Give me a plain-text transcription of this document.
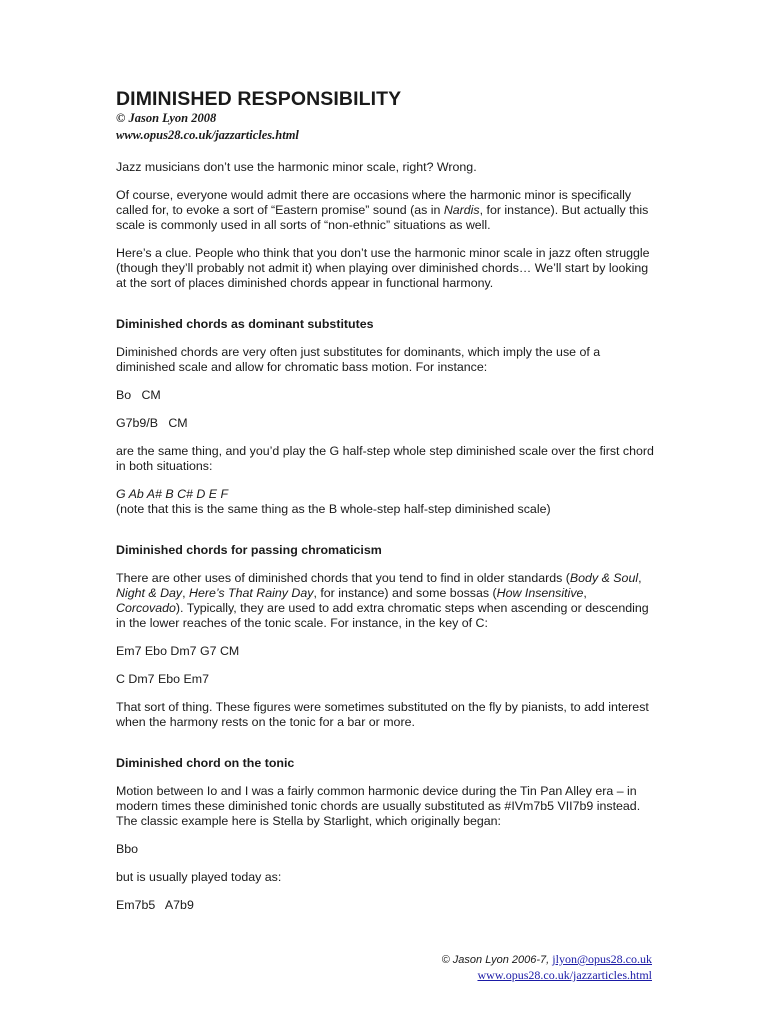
DIMINISHED RESPONSIBILITY
© Jason Lyon 2008
www.opus28.co.uk/jazzarticles.html

Jazz musicians don’t use the harmonic minor scale, right? Wrong.

Of course, everyone would admit there are occasions where the harmonic minor is specifically called for, to evoke a sort of “Eastern promise” sound (as in Nardis, for instance). But actually this scale is commonly used in all sorts of “non-ethnic” situations as well.

Here’s a clue. People who think that you don’t use the harmonic minor scale in jazz often struggle (though they’ll probably not admit it) when playing over diminished chords… We’ll start by looking at the sort of places diminished chords appear in functional harmony.

Diminished chords as dominant substitutes

Diminished chords are very often just substitutes for dominants, which imply the use of a diminished scale and allow for chromatic bass motion. For instance:

Bo   CM

G7b9/B   CM

are the same thing, and you’d play the G half-step whole step diminished scale over the first chord in both situations:

G Ab A# B C# D E F

(note that this is the same thing as the B whole-step half-step diminished scale)

Diminished chords for passing chromaticism

There are other uses of diminished chords that you tend to find in older standards (Body & Soul, Night & Day, Here’s That Rainy Day, for instance) and some bossas (How Insensitive, Corcovado). Typically, they are used to add extra chromatic steps when ascending or descending in the lower reaches of the tonic scale. For instance, in the key of C:

Em7 Ebo Dm7 G7 CM

C Dm7 Ebo Em7

That sort of thing. These figures were sometimes substituted on the fly by pianists, to add interest when the harmony rests on the tonic for a bar or more.

Diminished chord on the tonic

Motion between Io and I was a fairly common harmonic device during the Tin Pan Alley era – in modern times these diminished tonic chords are usually substituted as #IVm7b5 VII7b9 instead. The classic example here is Stella by Starlight, which originally began:

Bbo

but is usually played today as:

Em7b5   A7b9

© Jason Lyon 2006-7, jlyon@opus28.co.uk
www.opus28.co.uk/jazzarticles.html
